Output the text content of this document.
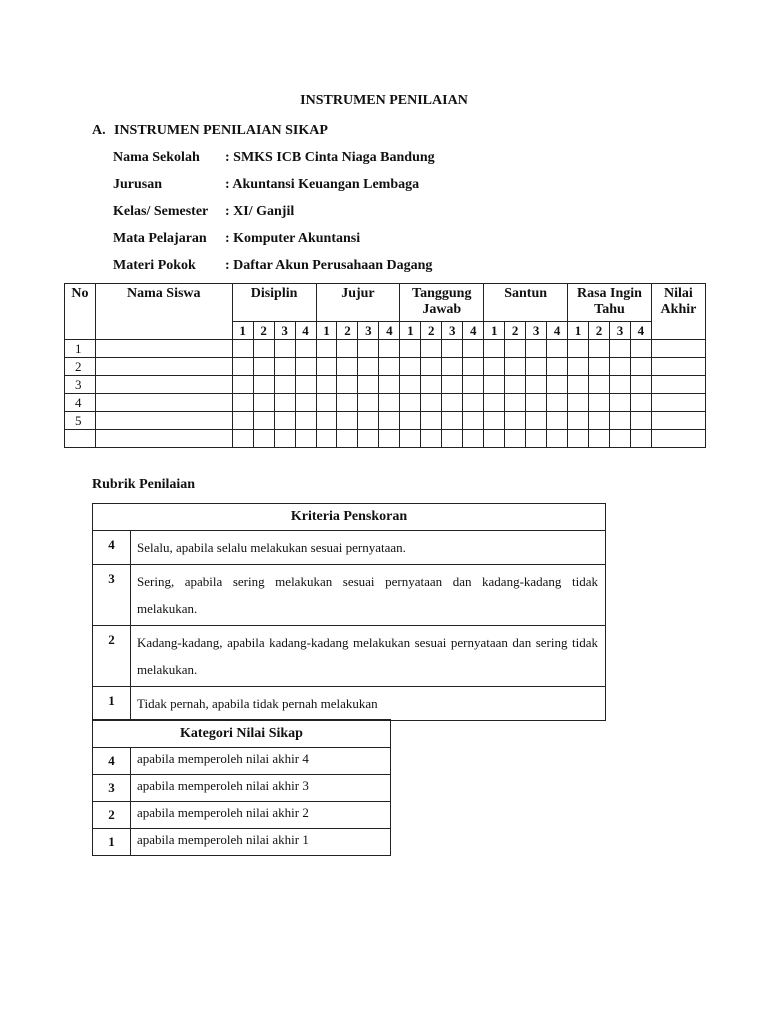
INSTRUMEN PENILAIAN
A. INSTRUMEN PENILAIAN SIKAP
Nama Sekolah : SMKS ICB Cinta Niaga Bandung
Jurusan	: Akuntansi Keuangan Lembaga
Kelas/ Semester : XI/ Ganjil
Mata Pelajaran : Komputer Akuntansi
Materi Pokok : Daftar Akun Perusahaan Dagang
No	Nama Siswa	Disiplin				Jujur				Tanggung Jawab				Santun				Rasa Ingin Tahu				Nilai Akhir
		1	2	3	4	1	2	3	4	1	2	3	4	1	2	3	4	1	2	3	4	
1																						
2																						
3																						
4																						
5																						

Rubrik Penilaian
Kriteria Penskoran	
4	Selalu, apabila selalu melakukan sesuai pernyataan.
3	Sering, apabila sering melakukan sesuai pernyataan dan kadang-kadang tidak melakukan.
2	Kadang-kadang, apabila kadang-kadang melakukan sesuai pernyataan dan sering tidak melakukan.
1	Tidak pernah, apabila tidak pernah melakukan
Kategori Nilai Sikap	
4	apabila memperoleh nilai akhir 4
3	apabila memperoleh nilai akhir 3
2	apabila memperoleh nilai akhir 2
1	apabila memperoleh nilai akhir 1
